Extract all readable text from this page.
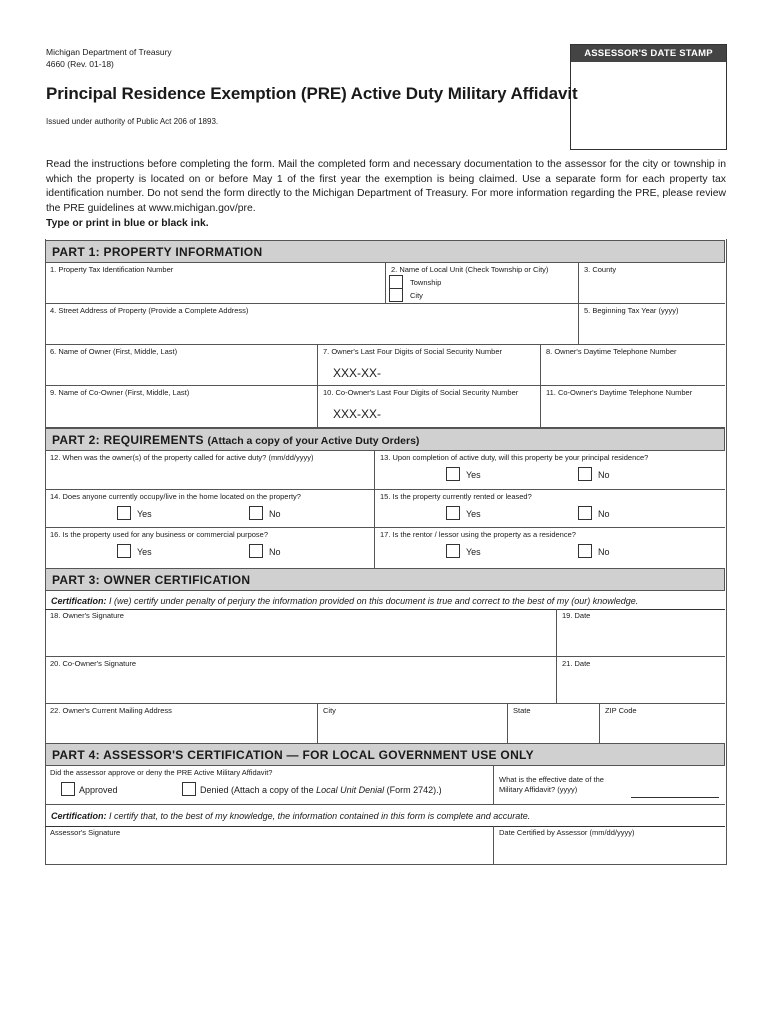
Michigan Department of Treasury
4660 (Rev. 01-18)
ASSESSOR'S DATE STAMP
Principal Residence Exemption (PRE) Active Duty Military Affidavit
Issued under authority of Public Act 206 of 1893.
Read the instructions before completing the form. Mail the completed form and necessary documentation to the assessor for the city or township in which the property is located on or before May 1 of the first year the exemption is being claimed. Use a separate form for each property tax identification number. Do not send the form directly to the Michigan Department of Treasury. For more information regarding the PRE, please review the PRE guidelines at www.michigan.gov/pre.
Type or print in blue or black ink.
PART 1: PROPERTY INFORMATION
1. Property Tax Identification Number	2. Name of Local Unit (Check Township or City)
Township
City
3. County
4. Street Address of Property (Provide a Complete Address)	5. Beginning Tax Year (yyyy)
6. Name of Owner (First, Middle, Last)	7. Owner's Last Four Digits of Social Security Number
XXX-XX-
8. Owner's Daytime Telephone Number
9. Name of Co-Owner (First, Middle, Last)	10. Co-Owner's Last Four Digits of Social Security Number
XXX-XX-
11. Co-Owner's Daytime Telephone Number
PART 2: REQUIREMENTS (Attach a copy of your Active Duty Orders)
12. When was the owner(s) of the property called for active duty? (mm/dd/yyyy)	13. Upon completion of active duty, will this property be your principal residence?
Yes	No
14. Does anyone currently occupy/live in the home located on the property?
Yes	No
15. Is the property currently rented or leased?
Yes	No
16. Is the property used for any business or commercial purpose?
Yes	No
17. Is the rentor / lessor using the property as a residence?
Yes	No
PART 3: OWNER CERTIFICATION
Certification: I (we) certify under penalty of perjury the information provided on this document is true and correct to the best of my (our) knowledge.
18. Owner's Signature	19. Date
20. Co-Owner's Signature	21. Date
22. Owner's Current Mailing Address	City	State	ZIP Code
PART 4: ASSESSOR'S CERTIFICATION — FOR LOCAL GOVERNMENT USE ONLY
Did the assessor approve or deny the PRE Active Military Affidavit?
Approved	Denied (Attach a copy of the Local Unit Denial (Form 2742).)
What is the effective date of the Military Affidavit? (yyyy)
Certification: I certify that, to the best of my knowledge, the information contained in this form is complete and accurate.
Assessor's Signature	Date Certified by Assessor (mm/dd/yyyy)
